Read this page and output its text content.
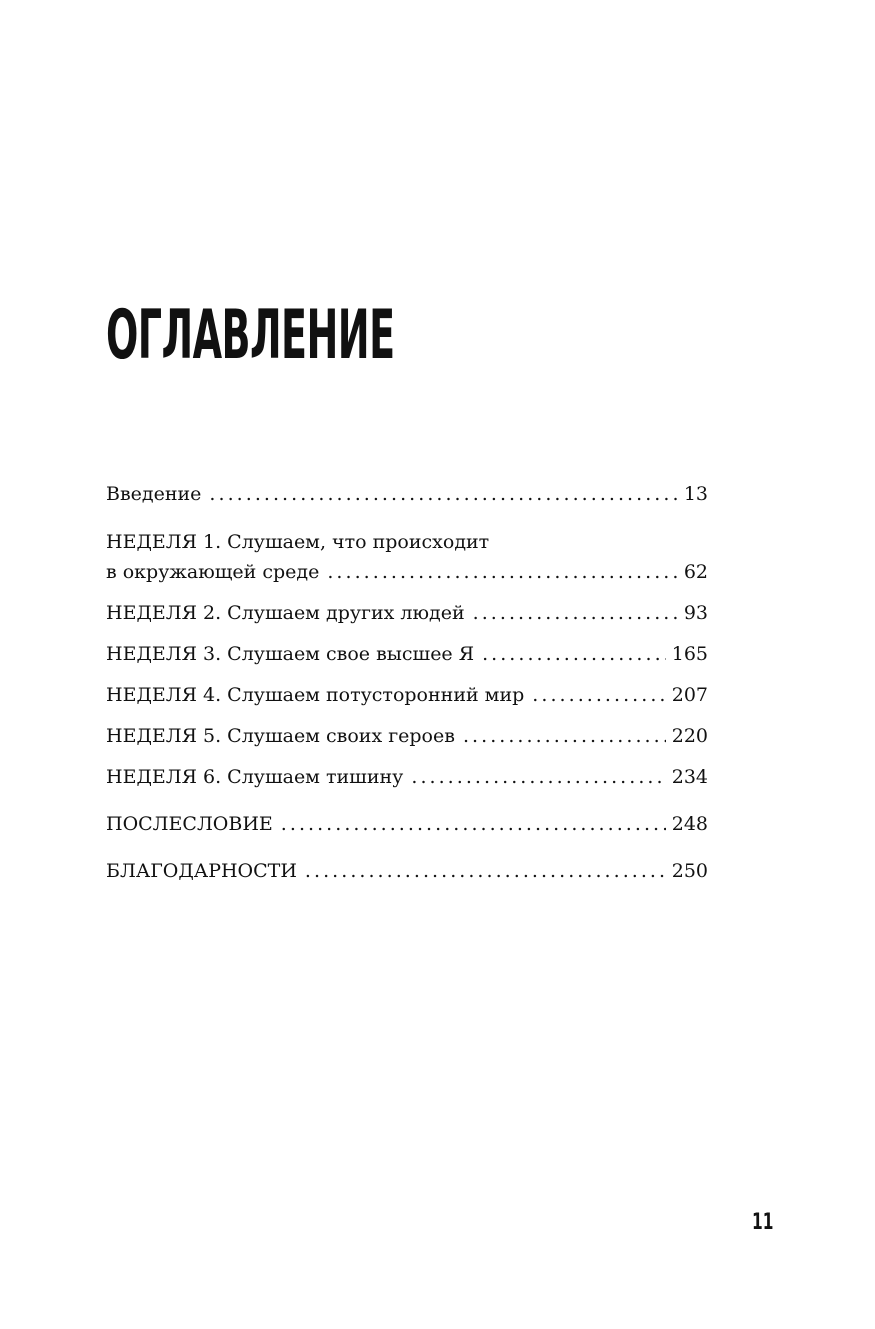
ОГЛАВЛЕНИЕ
Введение . . .	13
НЕДЕЛЯ 1. Слушаем, что происходит
в окружающей среде . . .	62
НЕДЕЛЯ 2. Слушаем других людей . . .	93
НЕДЕЛЯ 3. Слушаем свое высшее Я . . .	165
НЕДЕЛЯ 4. Слушаем потусторонний мир . . .	207
НЕДЕЛЯ 5. Слушаем своих героев . . .	220
НЕДЕЛЯ 6. Слушаем тишину . . .	234
ПОСЛЕСЛОВИЕ . . .	248
БЛАГОДАРНОСТИ . . .	250
11
